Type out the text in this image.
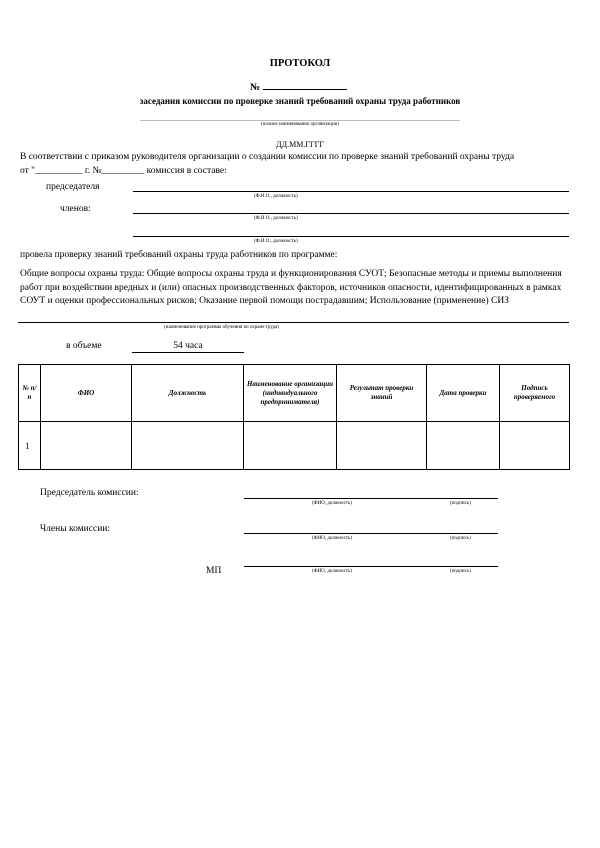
ПРОТОКОЛ
№
заседания комиссии по проверке знаний требований охраны труда работников
(полное наименование организации)
ДД.ММ.ГГГГ
В соответствии с приказом руководителя организации о создании комиссии по проверке знаний требований охраны труда
от "__________ г. №_________ комиссия в составе:
председателя
(Ф.И.О., должность)
членов:
(Ф.И.О., должность)
(Ф.И.О., должность)
провела проверку знаний требований охраны труда работников по программе:
Общие вопросы охраны труда: Общие вопросы охраны труда и функционирования СУОТ; Безопасные методы и приемы выполнения работ при воздействии вредных и (или) опасных производственных факторов, источников опасности, идентифицированных в рамках СОУТ и оценки профессиональных рисков; Оказание первой помощи пострадавшим; Использование (применение) СИЗ
(наименование программы обучения по охране труда)
в объеме	54 часа
№ п/п	ФИО	Должность	Наименование организации (индивидуального предпринимателя)	Результат проверки знаний	Дата проверки	Подпись проверяемого
1						
Председатель комиссии:
(ФИО, должность)	(подпись)
Члены комиссии:
(ФИО, должность)	(подпись)
МП	(ФИО, должность)	(подпись)
